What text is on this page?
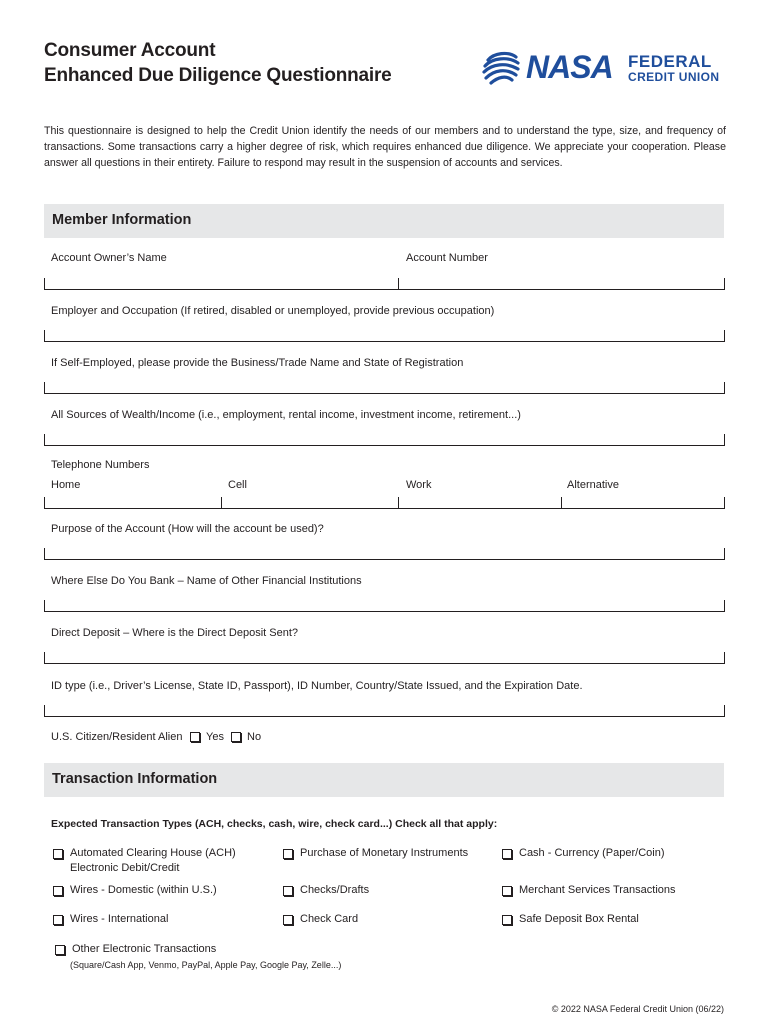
Consumer Account
Enhanced Due Diligence Questionnaire	NASA FEDERAL
CREDIT UNION

This questionnaire is designed to help the Credit Union identify the needs of our members and to understand the type, size, and frequency of transactions. Some transactions carry a higher degree of risk, which requires enhanced due diligence. We appreciate your cooperation. Please answer all questions in their entirety. Failure to respond may result in the suspension of accounts and services.

Member Information
Account Owner’s Name	Account Number
Employer and Occupation (If retired, disabled or unemployed, provide previous occupation)
If Self-Employed, please provide the Business/Trade Name and State of Registration
All Sources of Wealth/Income (i.e., employment, rental income, investment income, retirement...)
Telephone Numbers
Home	Cell	Work	Alternative
Purpose of the Account (How will the account be used)?
Where Else Do You Bank – Name of Other Financial Institutions
Direct Deposit – Where is the Direct Deposit Sent?
ID type (i.e., Driver’s License, State ID, Passport), ID Number, Country/State Issued, and the Expiration Date.
U.S. Citizen/Resident Alien Yes No
Transaction Information
Expected Transaction Types (ACH, checks, cash, wire, check card...) Check all that apply:
Automated Clearing House (ACH)
Electronic Debit/Credit
Purchase of Monetary Instruments	Cash - Currency (Paper/Coin)
Wires - Domestic (within U.S.)	Checks/Drafts	Merchant Services Transactions
Wires - International	Check Card	Safe Deposit Box Rental
Other Electronic Transactions
(Square/Cash App, Venmo, PayPal, Apple Pay, Google Pay, Zelle...)
© 2022 NASA Federal Credit Union (06/22)
